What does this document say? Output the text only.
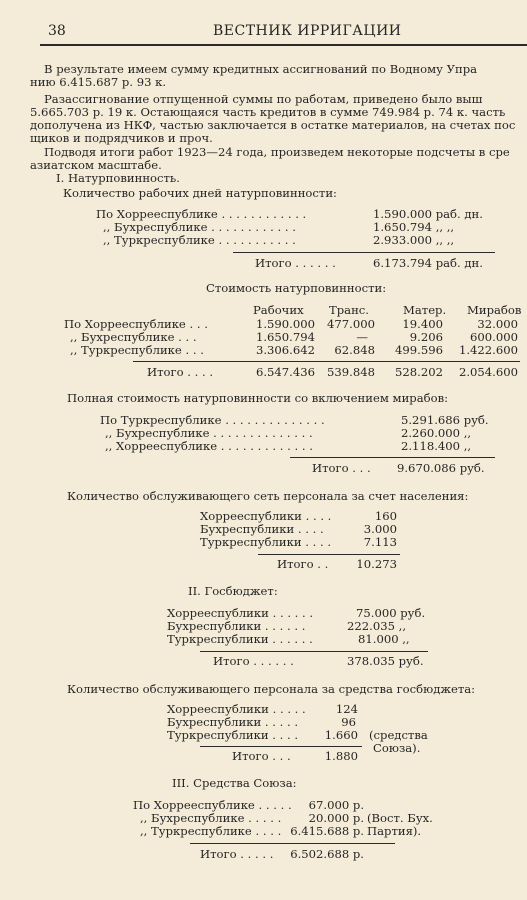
38	ВЕСТНИК ИРРИГАЦИИ
В результате имеем сумму кредитных ассигнований по Водному Упра
нию 6.415.687 р. 93 к.
Разассигнование отпущенной суммы по работам, приведено было выш
5.665.703 р. 19 к. Остающаяся часть кредитов в сумме 749.984 р. 74 к. часть
дополучена из НКФ, частью заключается в остатке материалов, на счетах пос
щиков и подрядчиков и проч.
Подводя итоги работ 1923—24 года, произведем некоторые подсчеты в сре
азиатском масштабе.
I. Натурповинность.
Количество рабочих дней натурповинности:
По Хоррееспублике . . . . . . . . . . . .	1.590.000 раб. дн.
,, Бухреспублике . . . . . . . . . . . .	1.650.794 ,, ,,
,, Туркреспублике . . . . . . . . . . .	2.933.000 ,, ,,
Итого . . . . . .	6.173.794 раб. дн.
Стоимость натурповинности:
Рабочих Транс.	Матер. Мирабов
По Хоррееспублике . . .	1.590.000	477.000	19.400	32.000
,, Бухреспублике . . .	1.650.794	—	9.206	600.000
,, Туркреспублике . . .	3.306.642	62.848	499.596	1.422.600
Итого . . . .	6.547.436	539.848	528.202	2.054.600
Полная стоимость натурповинности со включением мирабов:
По Туркреспублике . . . . . . . . . . . . . .	5.291.686 руб.
,, Бухреспублике . . . . . . . . . . . . . .	2.260.000 ,,
,, Хоррееспублике . . . . . . . . . . . . .	2.118.400 ,,
Итого . . . 9.670.086 руб.
Количество обслуживающего сеть персонала за счет населения:
Хоррееспублики . . . .	160
Бухреспублики . . . .	3.000
Туркреспублики . . . .	7.113
Итого . .	10.273
II. Госбюджет:
Хоррееспублики . . . . . .	75.000 руб.
Бухреспублики . . . . . .	222.035 ,,
Туркреспублики . . . . . .	81.000 ,,
Итого . . . . . .	378.035 руб.
Количество обслуживающего персонала за средства госбюджета:
Хоррееспублики . . . . .	124
Бухреспублики . . . . .	96
Туркреспублики . . . .	1.660 (средства
Союза).
Итого . . .	1.880
III. Средства Союза:
По Хоррееспублике . . . . .	67.000 р.
,, Бухреспублике . . . . .	20.000 р. (Вост. Бух.
,, Туркреспублике . . . . 6.415.688 р. Партия).
Итого . . . . . 6.502.688 р.
